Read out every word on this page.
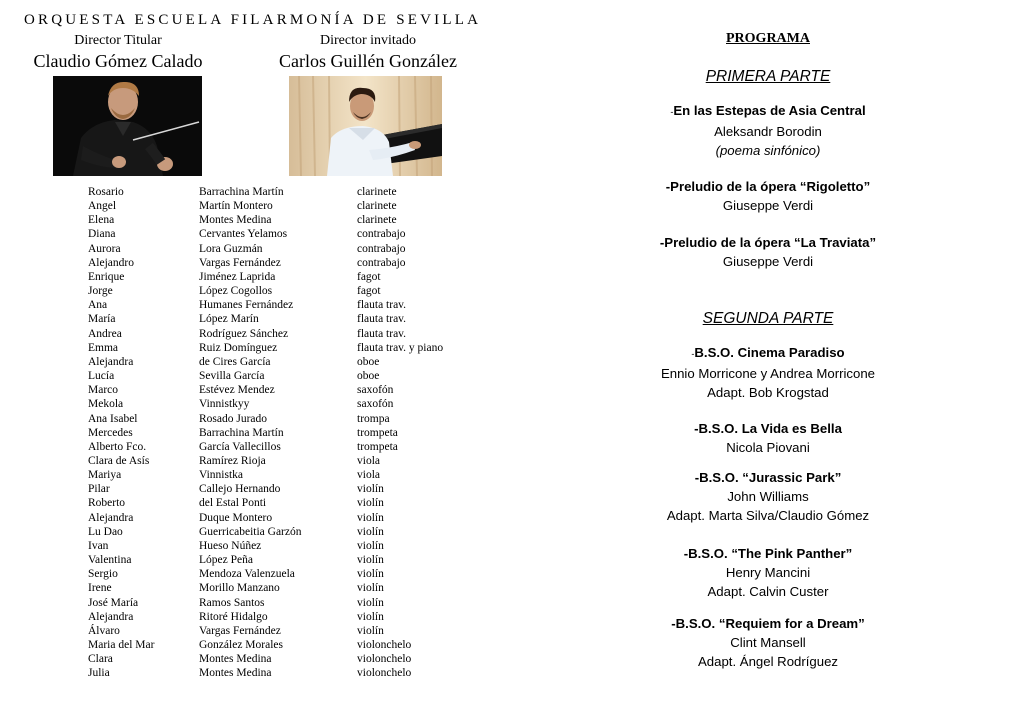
ORQUESTA ESCUELA FILARMONÍA DE SEVILLA
Director Titular
Claudio Gómez Calado
Director invitado
Carlos Guillén González
Rosario	Barrachina Martín	clarinete
Angel	Martín Montero	clarinete
Elena	Montes Medina	clarinete
Diana	Cervantes Yelamos	contrabajo
Aurora	Lora Guzmán	contrabajo
Alejandro	Vargas Fernández	contrabajo
Enrique	Jiménez Laprida	fagot
Jorge	López Cogollos	fagot
Ana	Humanes Fernández	flauta trav.
María	López Marín	flauta trav.
Andrea	Rodríguez Sánchez	flauta trav.
Emma	Ruiz Domínguez	flauta trav. y piano
Alejandra	de Cires García	oboe
Lucía	Sevilla García	oboe
Marco	Estévez Mendez	saxofón
Mekola	Vinnistkyy	saxofón
Ana Isabel	Rosado Jurado	trompa
Mercedes	Barrachina Martín	trompeta
Alberto Fco.	García Vallecillos	trompeta
Clara de Asís	Ramírez Rioja	viola
Mariya	Vinnistka	viola
Pilar	Callejo Hernando	violín
Roberto	del Estal Ponti	violín
Alejandra	Duque Montero	violín
Lu Dao	Guerricabeitia Garzón	violín
Ivan	Hueso Núñez	violín
Valentina	López Peña	violín
Sergio	Mendoza Valenzuela	violín
Irene	Morillo Manzano	violín
José María	Ramos Santos	violín
Alejandra	Ritoré Hidalgo	violín
Álvaro	Vargas Fernández	violín
Maria del Mar	González Morales	violonchelo
Clara	Montes Medina	violonchelo
Julia	Montes Medina	violonchelo
PROGRAMA
PRIMERA PARTE
-En las Estepas de Asia Central
Aleksandr Borodin
(poema sinfónico)
-Preludio de la ópera “Rigoletto”
Giuseppe Verdi
-Preludio de la ópera “La Traviata”
Giuseppe Verdi
SEGUNDA PARTE
-B.S.O. Cinema Paradiso
Ennio Morricone y Andrea Morricone
Adapt. Bob Krogstad
-B.S.O. La Vida es Bella
Nicola Piovani
-B.S.O. “Jurassic Park”
John Williams
Adapt. Marta Silva/Claudio Gómez
-B.S.O. “The Pink Panther”
Henry Mancini
Adapt. Calvin Custer
-B.S.O. “Requiem for a Dream”
Clint Mansell
Adapt. Ángel Rodríguez
